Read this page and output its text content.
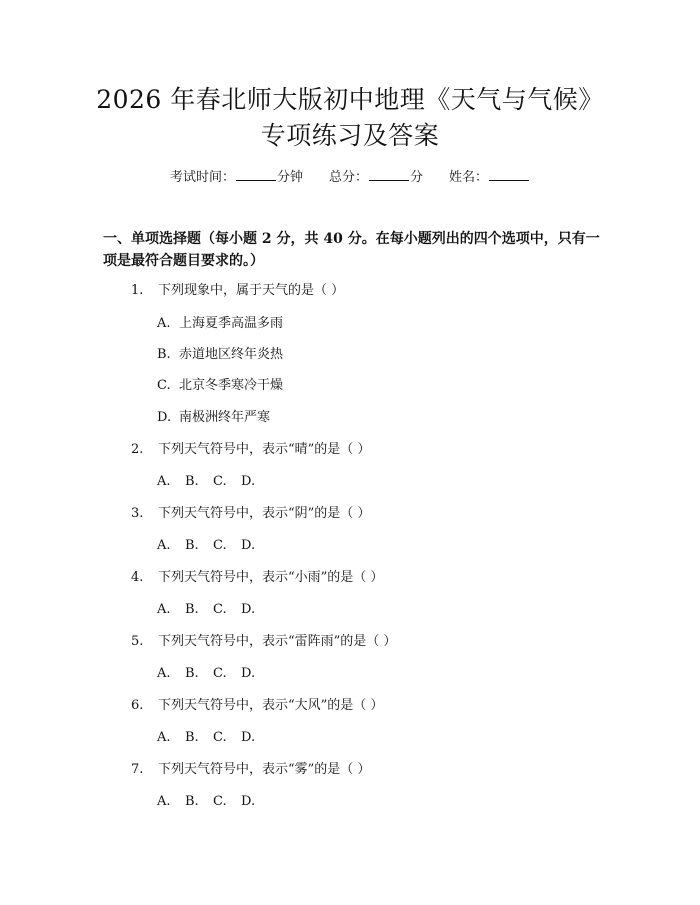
2026 年春北师大版初中地理《天气与气候》
专项练习及答案
考试时间：	分钟 总分：	分 姓名：
一、单项选择题（每小题 2 分，共 40 分。在每小题列出的四个选项中，只有一项是最符合题目要求的。）
1. 下列现象中，属于天气的是（ ）
A. 上海夏季高温多雨
B. 赤道地区终年炎热
C. 北京冬季寒冷干燥
D. 南极洲终年严寒
2. 下列天气符号中，表示“晴”的是（ ）
A. B. C. D.
3. 下列天气符号中，表示“阴”的是（ ）
A. B. C. D.
4. 下列天气符号中，表示“小雨”的是（ ）
A. B. C. D.
5. 下列天气符号中，表示“雷阵雨”的是（ ）
A. B. C. D.
6. 下列天气符号中，表示“大风”的是（ ）
A. B. C. D.
7. 下列天气符号中，表示“雾”的是（ ）
A. B. C. D.
